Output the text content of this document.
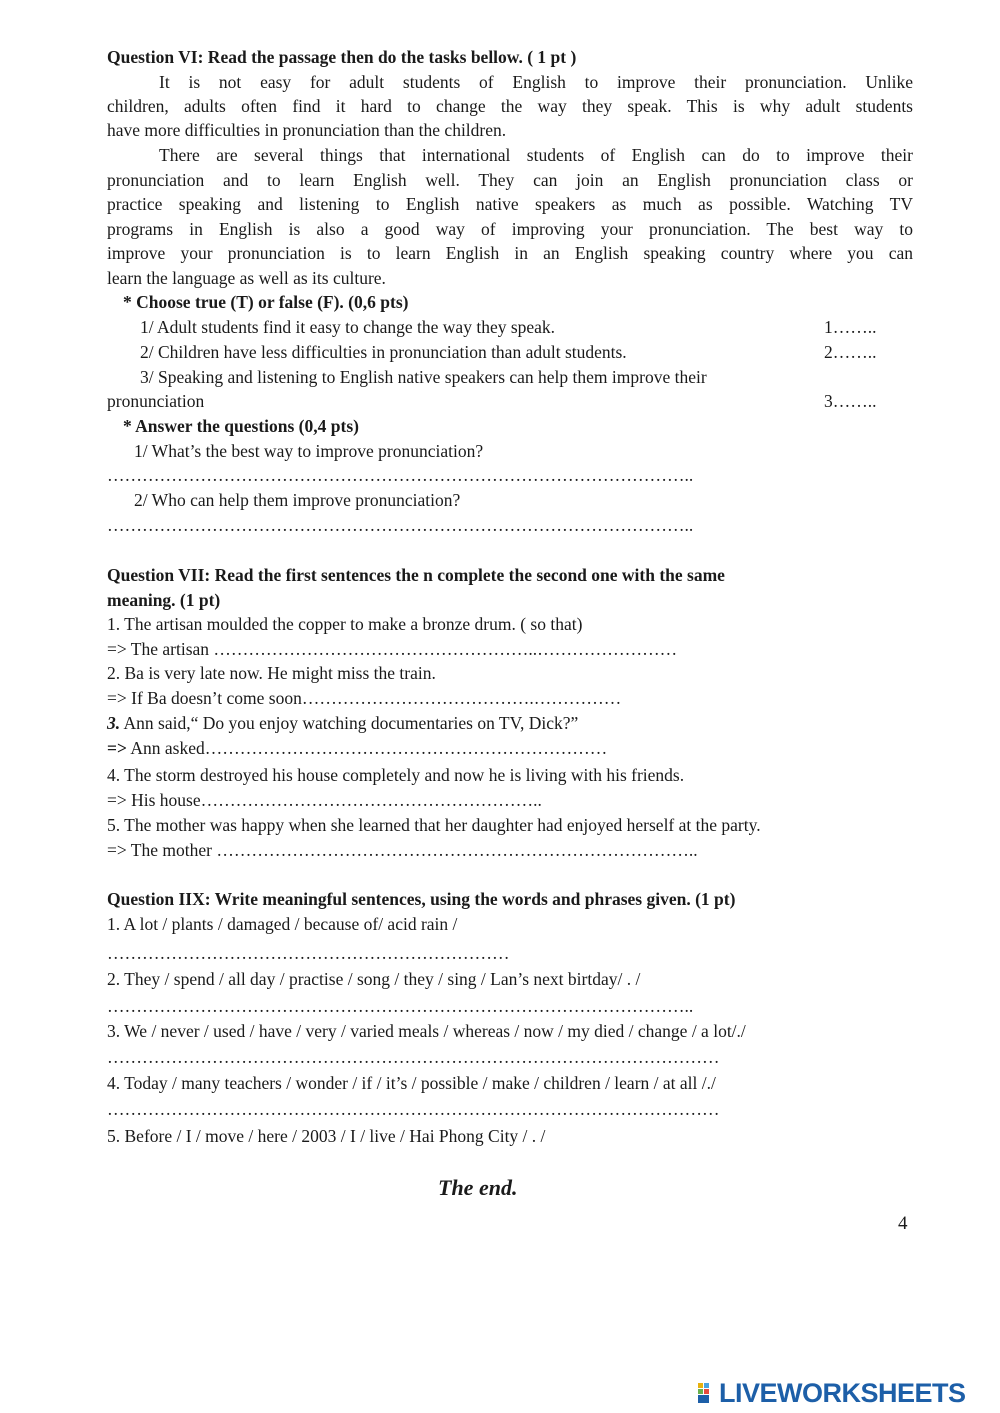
Question VI: Read the passage then do the tasks bellow. ( 1 pt )
It is not easy for adult students of English to improve their pronunciation. Unlike
children, adults often find it hard to change the way they speak. This is why adult students
have more difficulties in pronunciation than the children.
There are several things that international students of English can do to improve their
pronunciation and to learn English well. They can join an English pronunciation class or
practice speaking and listening to English native speakers as much as possible. Watching TV
programs in English is also a good way of improving your pronunciation. The best way to
improve your pronunciation is to learn English in an English speaking country where you can
learn the language as well as its culture.
* Choose true (T) or false (F). (0,6 pts)
1/ Adult students find it easy to change the way they speak.	1……..
2/ Children have less difficulties in pronunciation than adult students.	2……..
3/ Speaking and listening to English native speakers can help them improve their
pronunciation	3……..
* Answer the questions (0,4 pts)
1/ What’s the best way to improve pronunciation?
………………………………………………………………………………………..
2/ Who can help them improve pronunciation?
………………………………………………………………………………………..
Question VII: Read the first sentences the n complete the second one with the same
meaning. (1 pt)
1. The artisan moulded the copper to make a bronze drum. ( so that)
=> The artisan ………………………………………………..……………………
2. Ba is very late now. He might miss the train.
=> If Ba doesn’t come soon………………………………….……………
3. Ann said,“ Do you enjoy watching documentaries on TV, Dick?”
=> Ann asked……………………………………………………………
4. The storm destroyed his house completely and now he is living with his friends.
=> His house…………………………………………………..
5. The mother was happy when she learned that her daughter had enjoyed herself at the party.
=> The mother ………………………………………………………………………..
Question IIX: Write meaningful sentences, using the words and phrases given. (1 pt)
1. A lot / plants / damaged / because of/ acid rain /
……………………………………………………………
2. They / spend / all day / practise / song / they / sing / Lan’s next birtday/ . /
………………………………………………………………………………………..
3. We / never / used / have / very / varied meals / whereas / now / my died / change / a lot/./
……………………………………………………………………………………………
4. Today / many teachers / wonder / if / it’s / possible / make / children / learn / at all /./
……………………………………………………………………………………………
5. Before / I / move / here / 2003 / I / live / Hai Phong City / . /
The end.
4
LIVEWORKSHEETS
